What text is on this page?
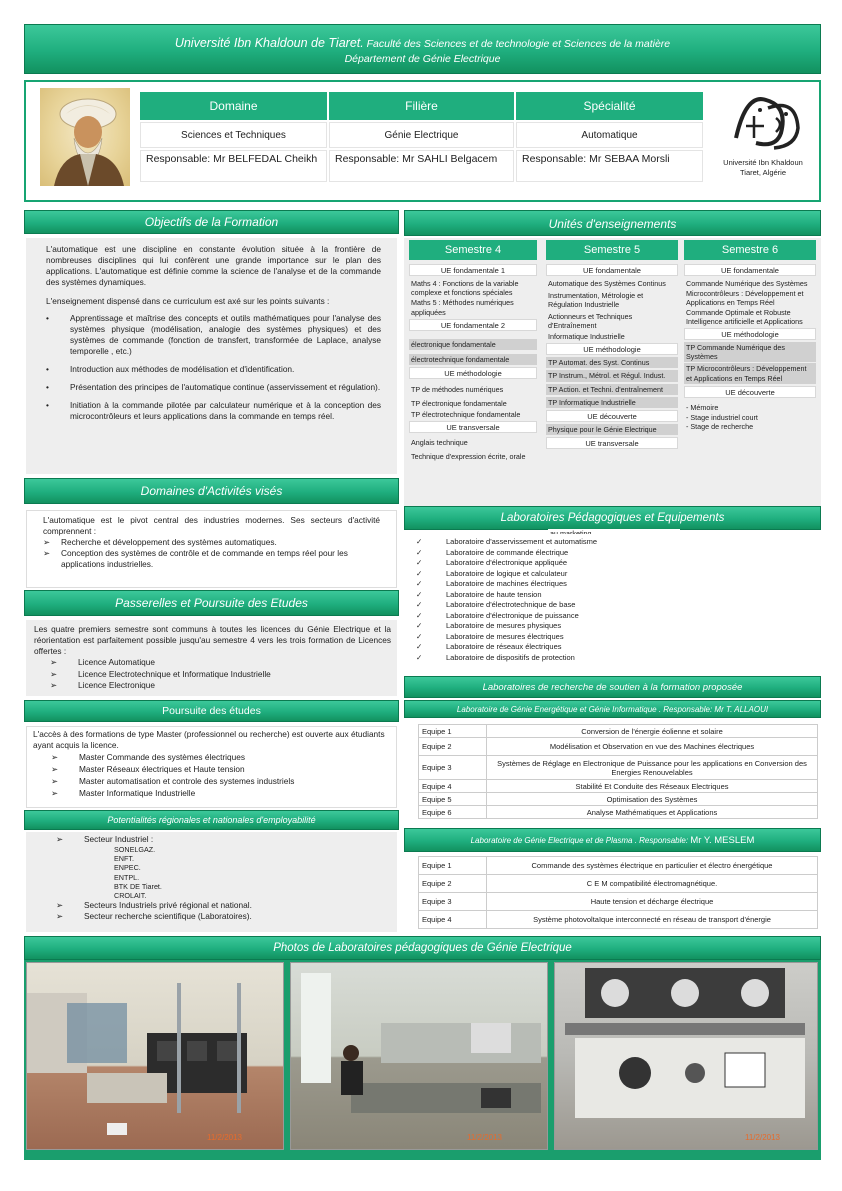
Université Ibn Khaldoun de Tiaret. Faculté des Sciences et de technologie et Sciences de la matière
Département de Génie Electrique
Domaine	Filière	Spécialité
Sciences et Techniques	Génie Electrique	Automatique
Responsable: Mr BELFEDAL Cheikh	Responsable: Mr SAHLI Belgacem	Responsable: Mr SEBAA Morsli	Université Ibn Khaldoun Tiaret, Algérie
Objectifs de la Formation

L'automatique est une discipline en constante évolution située à la frontière de nombreuses disciplines qui lui confèrent une grande importance sur le plan des applications. L'automatique est définie comme la science de l'analyse et de la commande des systèmes dynamiques.

L'enseignement dispensé dans ce curriculum est axé sur les points suivants :

•	Apprentissage et maîtrise des concepts et outils mathématiques pour l'analyse des systèmes physique (modélisation, analogie des systèmes physiques) et des systèmes de commande (fonction de transfert, transformée de Laplace, analyse temporelle , etc.)
•	Introduction aux méthodes de modélisation et d'identification.
•	Présentation des principes de l'automatique continue (asservissement et régulation).
•	Initiation à la commande pilotée par calculateur numérique et à la conception des microcontrôleurs et leurs applications dans la commande en temps réel.
Domaines d'Activités visés

L'automatique est le pivot central des industries modernes. Ses secteurs d'activité comprennent :

➢	Recherche et développement des systèmes automatiques.
➢	Conception des systèmes de contrôle et de commande en temps réel pour les applications industrielles.
Passerelles et Poursuite des Etudes

Les quatre premiers semestre sont communs à toutes les licences du Génie Electrique et la réorientation est parfaitement possible jusqu'au semestre 4 vers les trois formation de Licences offertes :

➢	Licence Automatique
➢	Licence Electrotechnique et Informatique Industrielle
➢	Licence Electronique
Poursuite des études

L'accès à des formations de type Master (professionnel ou recherche) est ouverte aux étudiants ayant acquis la licence.

➢	Master Commande des systèmes électriques
➢	Master Réseaux électriques et Haute tension
➢	Master automatisation et controle des systemes industriels
➢	Master Informatique Industrielle
Potentialités régionales et nationales d'employabilité
➢	Secteur Industriel :
SONELGAZ.
ENFT.
ENPEC.
ENTPL.
BTK DE Tiaret.
CROLAIT.
➢	Secteurs Industriels privé régional et national.
➢	Secteur recherche scientifique (Laboratoires).
Unités d'enseignements
Semestre 4
UE fondamentale 1
Maths 4 : Fonctions de la variable complexe et fonctions spéciales
Maths 5 : Méthodes numériques appliquées
UE fondamentale 2
électronique fondamentale
électrotechnique fondamentale
UE méthodologie
TP de méthodes numériques
TP électronique fondamentale
TP électrotechnique fondamentale
UE transversale
Anglais technique
Technique d'expression écrite, orale
Semestre 5
UE fondamentale
Automatique des Systèmes Continus
Instrumentation, Métrologie et Régulation Industrielle
Actionneurs et Techniques d'Entraînement
Informatique Industrielle
UE méthodologie
TP Automat. des Syst. Continus
TP Instrum., Métrol. et Régul. Indust.
TP Action. et Techni. d'entraînement
TP Informatique Industrielle
UE découverte
Physique pour le Génie Electrique
UE transversale
Semestre 6
UE fondamentale
Commande Numérique des Systèmes
Microcontrôleurs : Développement et Applications en Temps Réel
Commande Optimale et Robuste
Intelligence artificielle et Applications
UE méthodologie
TP Commande Numérique des Systèmes
TP Microcontrôleurs : Développement et Applications en Temps Réel
UE découverte
- Mémoire
- Stage industriel court
- Stage de recherche
Laboratoires Pédagogiques et Equipements
✓	Laboratoire d'asservissement et automatisme
✓	Laboratoire de commande électrique
✓	Laboratoire d'électronique appliquée
✓	Laboratoire de logique et calculateur
✓	Laboratoire de machines électriques
✓	Laboratoire de haute tension
✓	Laboratoire d'électrotechnique de base
✓	Laboratoire d'électronique de puissance
✓	Laboratoire de mesures physiques
✓	Laboratoire de mesures électriques
✓	Laboratoire de réseaux électriques
✓	Laboratoire de dispositifs de protection
Laboratoires de recherche de soutien à la formation proposée
Laboratoire de Génie Energétique et Génie Informatique . Responsable: Mr T. ALLAOUI
Equipe 1	Conversion de l'énergie éolienne et solaire
Equipe 2	Modélisation et Observation en vue des Machines électriques
Equipe 3	Systèmes de Réglage en Electronique de Puissance pour les applications en Conversion des Energies Renouvelables
Equipe 4	Stabilité Et Conduite des Réseaux Electriques
Equipe 5	Optimisation des Systèmes
Equipe 6	Analyse Mathématiques et Applications
Laboratoire de Génie Electrique et de Plasma . Responsable: Mr Y. MESLEM
Equipe 1	Commande des systèmes électrique en particulier et électro énergétique
Equipe 2	C E M compatibilité électromagnétique.
Equipe 3	Haute tension et décharge électrique
Equipe 4	Système photovoltaïque interconnecté en réseau de transport d'énergie
Photos de Laboratoires pédagogiques de Génie Electrique
11/2/2013	11/2/2013	11/2/2013
